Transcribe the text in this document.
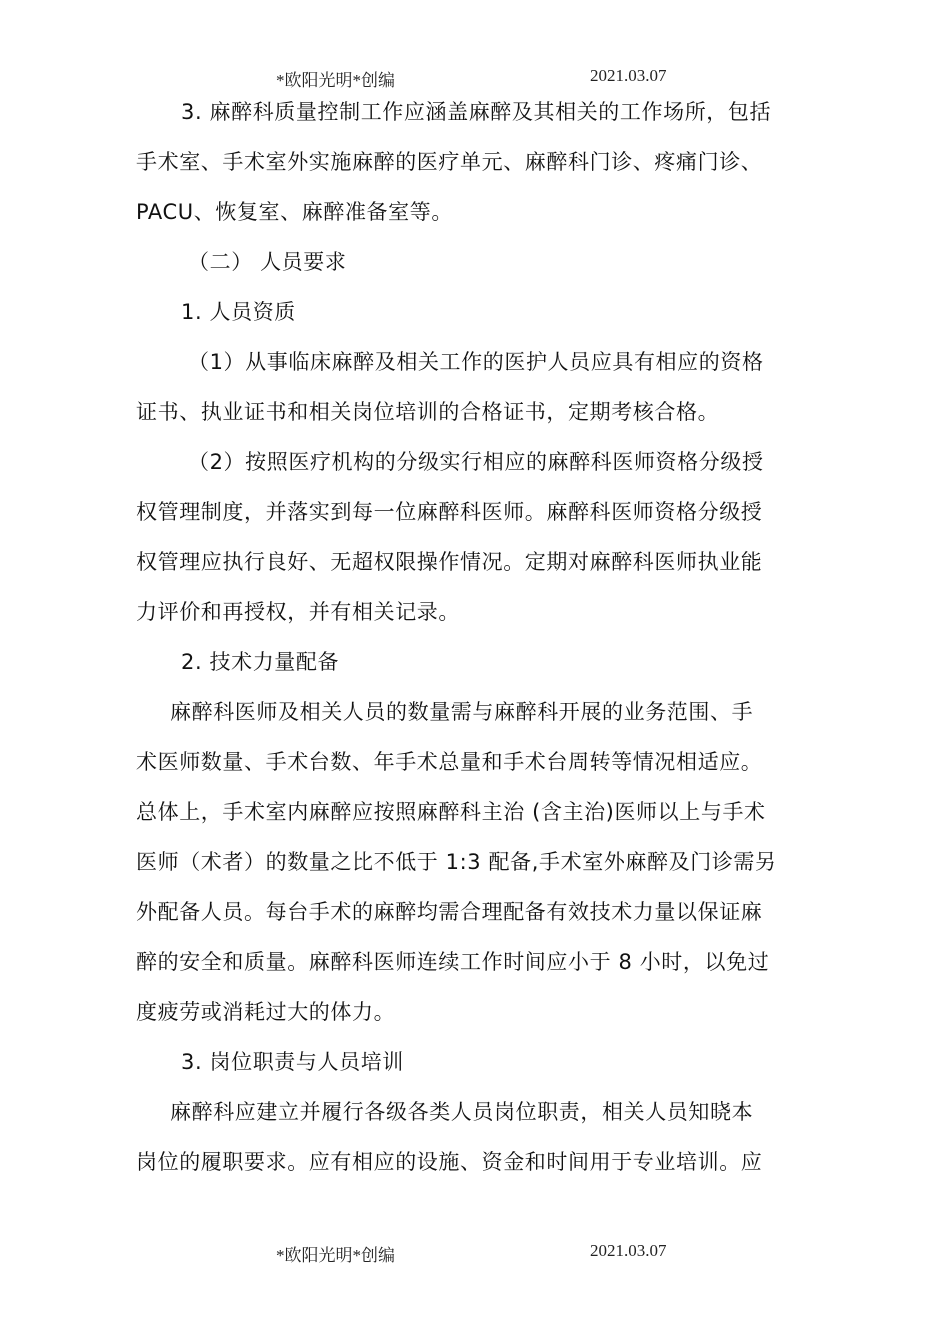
*欧阳光明*创编	2021.03.07
3. 麻醉科质量控制工作应涵盖麻醉及其相关的工作场所，包括
手术室、手术室外实施麻醉的医疗单元、麻醉科门诊、疼痛门诊、
PACU、恢复室、麻醉准备室等。
（二） 人员要求
1. 人员资质
（1）从事临床麻醉及相关工作的医护人员应具有相应的资格
证书、执业证书和相关岗位培训的合格证书，定期考核合格。
（2）按照医疗机构的分级实行相应的麻醉科医师资格分级授
权管理制度，并落实到每一位麻醉科医师。麻醉科医师资格分级授
权管理应执行良好、无超权限操作情况。定期对麻醉科医师执业能
力评价和再授权，并有相关记录。
2. 技术力量配备
麻醉科医师及相关人员的数量需与麻醉科开展的业务范围、手
术医师数量、手术台数、年手术总量和手术台周转等情况相适应。
总体上，手术室内麻醉应按照麻醉科主治 (含主治)医师以上与手术
医师（术者）的数量之比不低于 1:3 配备,手术室外麻醉及门诊需另
外配备人员。每台手术的麻醉均需合理配备有效技术力量以保证麻
醉的安全和质量。麻醉科医师连续工作时间应小于 8 小时，以免过
度疲劳或消耗过大的体力。
3. 岗位职责与人员培训
麻醉科应建立并履行各级各类人员岗位职责，相关人员知晓本
岗位的履职要求。应有相应的设施、资金和时间用于专业培训。应
*欧阳光明*创编	2021.03.07
